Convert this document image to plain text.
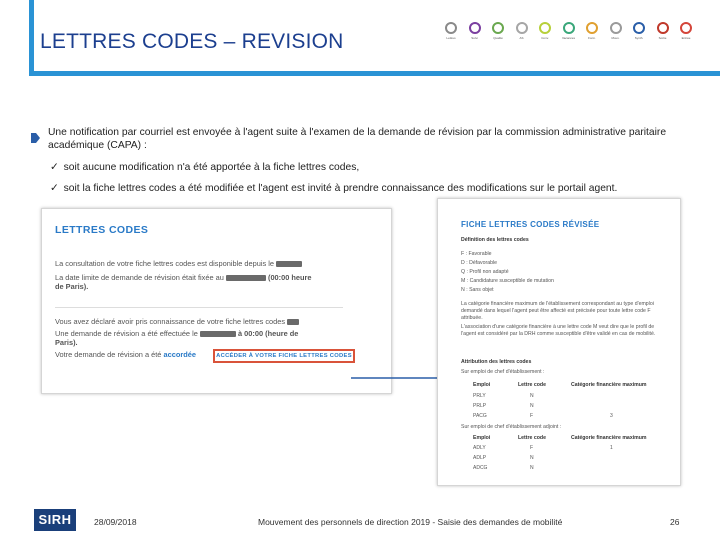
LETTRES CODES – REVISION	Lettres	Suivi	Qualité	AS	Conv.	Vacances	Form.	Mouv.	Synth.	Sortie	Entrée
Une notification par courriel est envoyée à l'agent suite à l'examen de la demande de révision par la commission administrative paritaire académique (CAPA) :
✓ soit aucune modification n'a été apportée à la fiche lettres codes,
✓ soit la fiche lettres codes a été modifiée et l'agent est invité à prendre connaissance des modifications sur le portail agent.
LETTRES CODES
La consultation de votre fiche lettres codes est disponible depuis le
La date limite de demande de révision était fixée au	(00:00 heure
de Paris).
Vous avez déclaré avoir pris connaissance de votre fiche lettres codes
Une demande de révision a été effectuée le	à 00:00 (heure de
Paris).
Votre demande de révision a été accordée	ACCÉDER À VOTRE FICHE LETTRES CODES
FICHE LETTRES CODES RÉVISÉE
Définition des lettres codes
F : Favorable
D : Défavorable
Q : Profil non adapté
M : Candidature susceptible de mutation
N : Sans objet
La catégorie financière maximum de l'établissement correspondant au type d'emploi demandé dans lequel l'agent peut être affecté est précisée pour toute lettre code F attribuée.
L'association d'une catégorie financière à une lettre code M veut dire que le profil de l'agent est considéré par la DRH comme susceptible d'être validé en cas de mobilité.
Attribution des lettres codes
Sur emploi de chef d'établissement :
Emploi	Lettre code	Catégorie financière maximum
PRLY	N
PRLP	N
PACG	F	3
Sur emploi de chef d'établissement adjoint :
Emploi	Lettre code	Catégorie financière maximum
ADLY	F	1
ADLP	N
ADCG	N
SIRH	28/09/2018	Mouvement des personnels de direction 2019 - Saisie des demandes de mobilité	26
